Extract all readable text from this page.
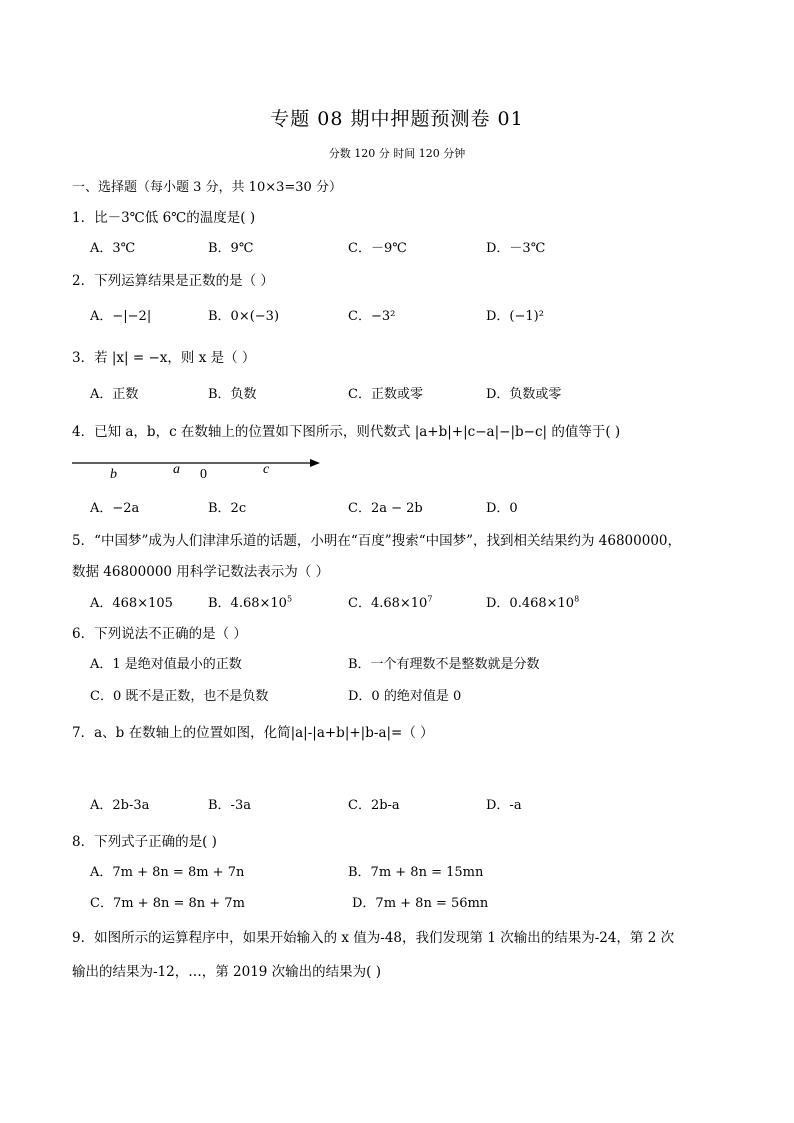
专题 08 期中押题预测卷 01
分数 120 分 时间 120 分钟
一、选择题（每小题 3 分，共 10×3=30 分）
1．比－3℃低 6℃的温度是( )
A．3℃	B．9℃	C．－9℃	D．－3℃
2．下列运算结果是正数的是（ ）
A．−|−2|	B．0×(−3)	C．−3²	D．(−1)²
3．若 |x| = −x，则 x 是（ ）
A．正数	B．负数	C．正数或零	D．负数或零
4．已知 a，b，c 在数轴上的位置如下图所示，则代数式 |a+b|+|c−a|−|b−c| 的值等于( )
b	a 0	c
A．−2a	B．2c	C．2a − 2b	D．0
5．“中国梦”成为人们津津乐道的话题，小明在“百度”搜索“中国梦”，找到相关结果约为 46800000，
数据 46800000 用科学记数法表示为（ ）
A．468×105	B．$4.68\times 10^5$	C．$4.68\times 10^7$	D．$0.468\times 10^8$
6．下列说法不正确的是（ ）
A．1 是绝对值最小的正数	B．一个有理数不是整数就是分数
C．0 既不是正数，也不是负数	D．0 的绝对值是 0
7．a、b 在数轴上的位置如图，化简|a|-|a+b|+|b-a|=（ ）
A．2b-3a	B．-3a	C．2b-a	D．-a
8．下列式子正确的是( )
A．7m + 8n = 8m + 7n	B．7m + 8n = 15mn
C．7m + 8n = 8n + 7m	D．7m + 8n = 56mn
9．如图所示的运算程序中，如果开始输入的 x 值为-48，我们发现第 1 次输出的结果为-24，第 2 次
输出的结果为-12，…，第 2019 次输出的结果为( )
